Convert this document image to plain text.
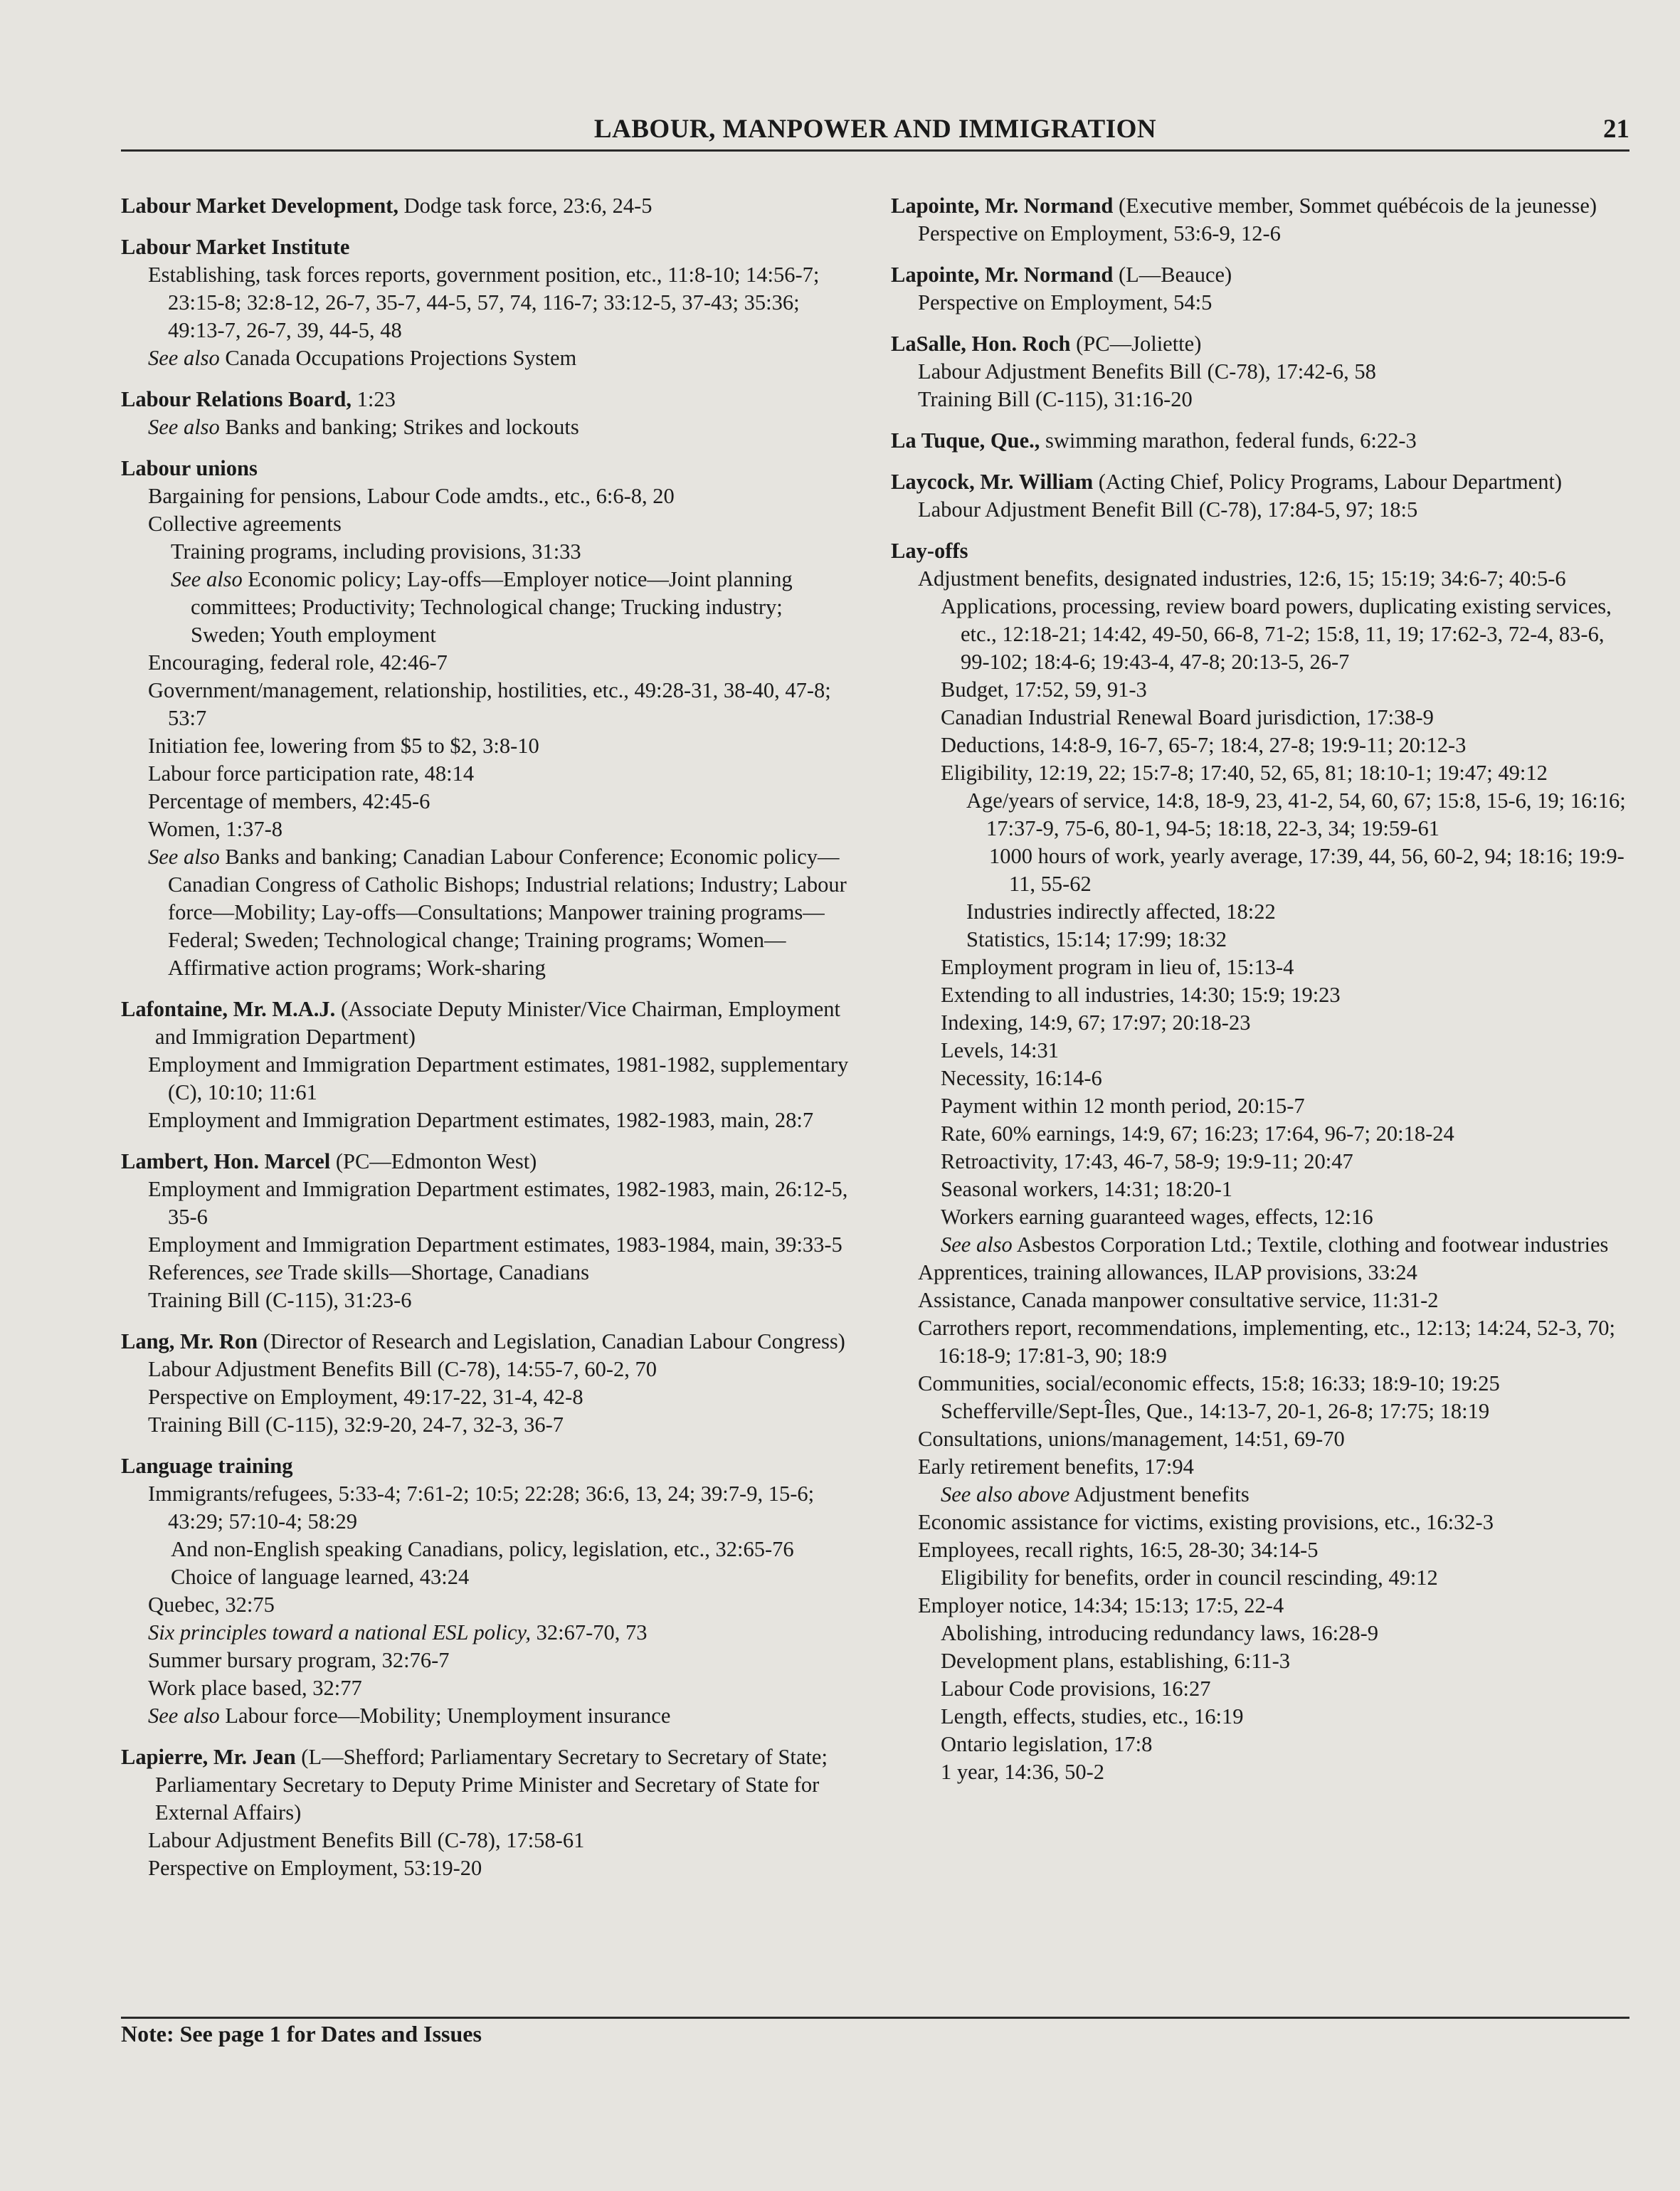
LABOUR, MANPOWER AND IMMIGRATION	21
Labour Market Development, Dodge task force, 23:6, 24-5
Labour Market Institute
Establishing, task forces reports, government position, etc., 11:8-10; 14:56-7; 23:15-8; 32:8-12, 26-7, 35-7, 44-5, 57, 74, 116-7; 33:12-5, 37-43; 35:36; 49:13-7, 26-7, 39, 44-5, 48
See also Canada Occupations Projections System
Labour Relations Board, 1:23
See also Banks and banking; Strikes and lockouts
Labour unions
Bargaining for pensions, Labour Code amdts., etc., 6:6-8, 20
Collective agreements
Training programs, including provisions, 31:33
See also Economic policy; Lay-offs—Employer notice—Joint planning committees; Productivity; Technological change; Trucking industry; Sweden; Youth employment
Encouraging, federal role, 42:46-7
Government/management, relationship, hostilities, etc., 49:28-31, 38-40, 47-8; 53:7
Initiation fee, lowering from $5 to $2, 3:8-10
Labour force participation rate, 48:14
Percentage of members, 42:45-6
Women, 1:37-8
See also Banks and banking; Canadian Labour Conference; Economic policy—Canadian Congress of Catholic Bishops; Industrial relations; Industry; Labour force—Mobility; Lay-offs—Consultations; Manpower training programs—Federal; Sweden; Technological change; Training programs; Women—Affirmative action programs; Work-sharing
Lafontaine, Mr. M.A.J. (Associate Deputy Minister/Vice Chairman, Employment and Immigration Department)
Employment and Immigration Department estimates, 1981-1982, supplementary (C), 10:10; 11:61
Employment and Immigration Department estimates, 1982-1983, main, 28:7
Lambert, Hon. Marcel (PC—Edmonton West)
Employment and Immigration Department estimates, 1982-1983, main, 26:12-5, 35-6
Employment and Immigration Department estimates, 1983-1984, main, 39:33-5
References, see Trade skills—Shortage, Canadians
Training Bill (C-115), 31:23-6
Lang, Mr. Ron (Director of Research and Legislation, Canadian Labour Congress)
Labour Adjustment Benefits Bill (C-78), 14:55-7, 60-2, 70
Perspective on Employment, 49:17-22, 31-4, 42-8
Training Bill (C-115), 32:9-20, 24-7, 32-3, 36-7
Language training
Immigrants/refugees, 5:33-4; 7:61-2; 10:5; 22:28; 36:6, 13, 24; 39:7-9, 15-6; 43:29; 57:10-4; 58:29
And non-English speaking Canadians, policy, legislation, etc., 32:65-76
Choice of language learned, 43:24
Quebec, 32:75
Six principles toward a national ESL policy, 32:67-70, 73
Summer bursary program, 32:76-7
Work place based, 32:77
See also Labour force—Mobility; Unemployment insurance
Lapierre, Mr. Jean (L—Shefford; Parliamentary Secretary to Secretary of State; Parliamentary Secretary to Deputy Prime Minister and Secretary of State for External Affairs)
Labour Adjustment Benefits Bill (C-78), 17:58-61
Perspective on Employment, 53:19-20
Lapointe, Mr. Normand (Executive member, Sommet québécois de la jeunesse)
Perspective on Employment, 53:6-9, 12-6
Lapointe, Mr. Normand (L—Beauce)
Perspective on Employment, 54:5
LaSalle, Hon. Roch (PC—Joliette)
Labour Adjustment Benefits Bill (C-78), 17:42-6, 58
Training Bill (C-115), 31:16-20
La Tuque, Que., swimming marathon, federal funds, 6:22-3
Laycock, Mr. William (Acting Chief, Policy Programs, Labour Department)
Labour Adjustment Benefit Bill (C-78), 17:84-5, 97; 18:5
Lay-offs
Adjustment benefits, designated industries, 12:6, 15; 15:19; 34:6-7; 40:5-6
Applications, processing, review board powers, duplicating existing services, etc., 12:18-21; 14:42, 49-50, 66-8, 71-2; 15:8, 11, 19; 17:62-3, 72-4, 83-6, 99-102; 18:4-6; 19:43-4, 47-8; 20:13-5, 26-7
Budget, 17:52, 59, 91-3
Canadian Industrial Renewal Board jurisdiction, 17:38-9
Deductions, 14:8-9, 16-7, 65-7; 18:4, 27-8; 19:9-11; 20:12-3
Eligibility, 12:19, 22; 15:7-8; 17:40, 52, 65, 81; 18:10-1; 19:47; 49:12
Age/years of service, 14:8, 18-9, 23, 41-2, 54, 60, 67; 15:8, 15-6, 19; 16:16; 17:37-9, 75-6, 80-1, 94-5; 18:18, 22-3, 34; 19:59-61
1000 hours of work, yearly average, 17:39, 44, 56, 60-2, 94; 18:16; 19:9-11, 55-62
Industries indirectly affected, 18:22
Statistics, 15:14; 17:99; 18:32
Employment program in lieu of, 15:13-4
Extending to all industries, 14:30; 15:9; 19:23
Indexing, 14:9, 67; 17:97; 20:18-23
Levels, 14:31
Necessity, 16:14-6
Payment within 12 month period, 20:15-7
Rate, 60% earnings, 14:9, 67; 16:23; 17:64, 96-7; 20:18-24
Retroactivity, 17:43, 46-7, 58-9; 19:9-11; 20:47
Seasonal workers, 14:31; 18:20-1
Workers earning guaranteed wages, effects, 12:16
See also Asbestos Corporation Ltd.; Textile, clothing and footwear industries
Apprentices, training allowances, ILAP provisions, 33:24
Assistance, Canada manpower consultative service, 11:31-2
Carrothers report, recommendations, implementing, etc., 12:13; 14:24, 52-3, 70; 16:18-9; 17:81-3, 90; 18:9
Communities, social/economic effects, 15:8; 16:33; 18:9-10; 19:25
Schefferville/Sept-Îles, Que., 14:13-7, 20-1, 26-8; 17:75; 18:19
Consultations, unions/management, 14:51, 69-70
Early retirement benefits, 17:94
See also above Adjustment benefits
Economic assistance for victims, existing provisions, etc., 16:32-3
Employees, recall rights, 16:5, 28-30; 34:14-5
Eligibility for benefits, order in council rescinding, 49:12
Employer notice, 14:34; 15:13; 17:5, 22-4
Abolishing, introducing redundancy laws, 16:28-9
Development plans, establishing, 6:11-3
Labour Code provisions, 16:27
Length, effects, studies, etc., 16:19
Ontario legislation, 17:8
1 year, 14:36, 50-2
Note: See page 1 for Dates and Issues
